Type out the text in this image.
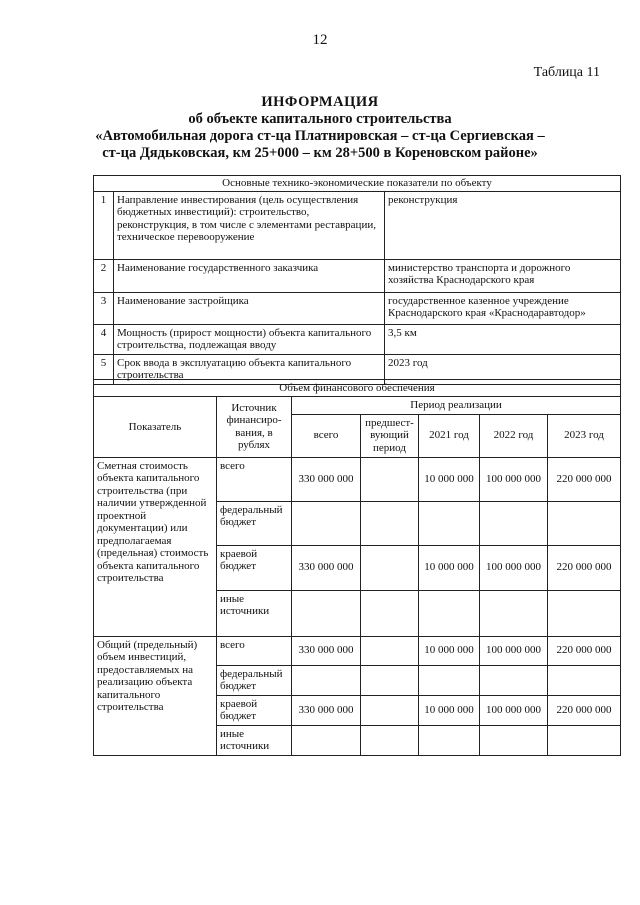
12
Таблица 11
ИНФОРМАЦИЯ
об объекте капитального строительства
«Автомобильная дорога ст-ца Платнировская – ст-ца Сергиевская –
ст-ца Дядьковская, км 25+000 – км 28+500 в Кореновском районе»
Основные технико-экономические показатели по объекту		
1	Направление инвестирования (цель осуществления бюджетных инвестиций): строительство, реконструкция, в том числе с элементами реставрации, техническое перевооружение	реконструкция
2	Наименование государственного заказчика	министерство транспорта и дорожного хозяйства Краснодарского края
3	Наименование застройщика	государственное казенное учреждение Краснодарского края «Краснодаравтодор»
4	Мощность (прирост мощности) объекта капитального строительства, подлежащая вводу	3,5 км
5	Срок ввода в эксплуатацию объекта капитального строительства	2023 год
Объем финансового обеспечения						
Показатель	Источник финансиро-вания, в рублях	Период реализации				
		всего	предшест-вующий период	2021 год	2022 год	2023 год
Сметная стоимость объекта капитального строительства (при наличии утвержденной проектной документации) или предполагаемая (предельная) стоимость объекта капитального строительства	всего	330 000 000		10 000 000	100 000 000	220 000 000
	федеральный бюджет					
	краевой бюджет	330 000 000		10 000 000	100 000 000	220 000 000
	иные источники					
Общий (предельный) объем инвестиций, предоставляемых на реализацию объекта капитального строительства	всего	330 000 000		10 000 000	100 000 000	220 000 000
	федеральный бюджет					
	краевой бюджет	330 000 000		10 000 000	100 000 000	220 000 000
	иные источники					
